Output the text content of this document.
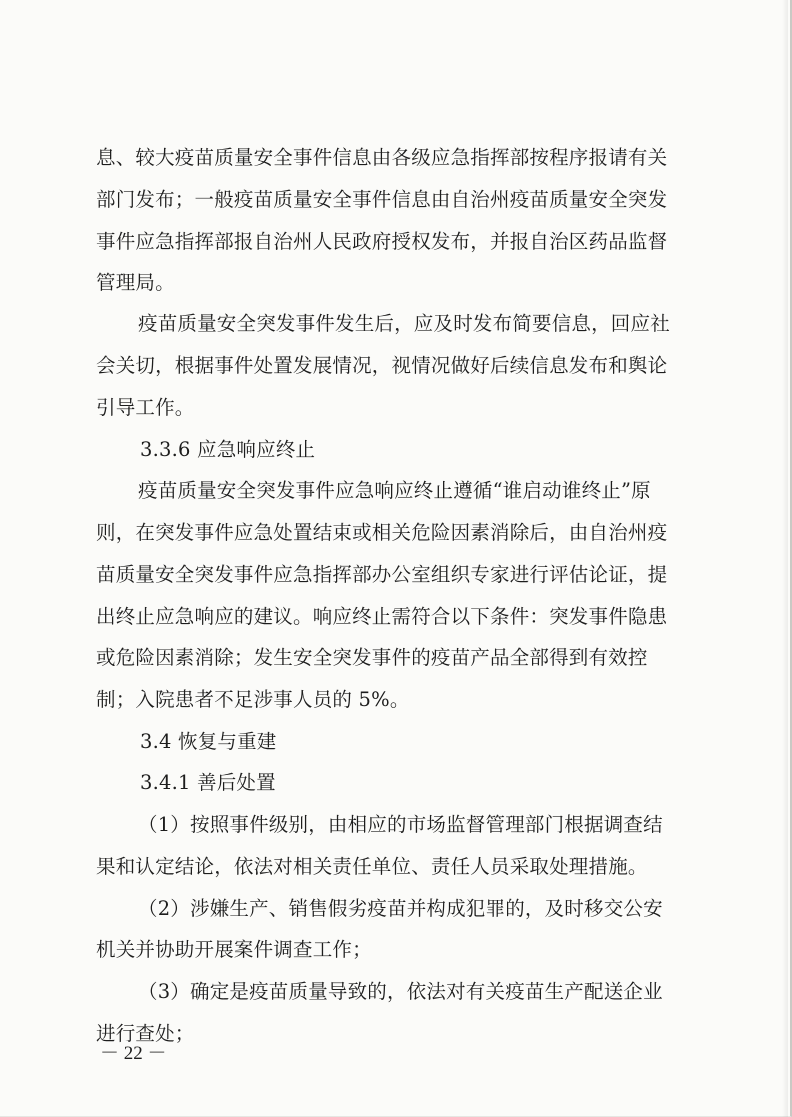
息、较大疫苗质量安全事件信息由各级应急指挥部按程序报请有关
部门发布；一般疫苗质量安全事件信息由自治州疫苗质量安全突发
事件应急指挥部报自治州人民政府授权发布，并报自治区药品监督
管理局。
疫苗质量安全突发事件发生后，应及时发布简要信息，回应社
会关切，根据事件处置发展情况，视情况做好后续信息发布和舆论
引导工作。
3.3.6 应急响应终止
疫苗质量安全突发事件应急响应终止遵循“谁启动谁终止”原
则，在突发事件应急处置结束或相关危险因素消除后，由自治州疫
苗质量安全突发事件应急指挥部办公室组织专家进行评估论证，提
出终止应急响应的建议。响应终止需符合以下条件：突发事件隐患
或危险因素消除；发生安全突发事件的疫苗产品全部得到有效控
制；入院患者不足涉事人员的 5%。
3.4 恢复与重建
3.4.1 善后处置
（1）按照事件级别，由相应的市场监督管理部门根据调查结
果和认定结论，依法对相关责任单位、责任人员采取处理措施。
（2）涉嫌生产、销售假劣疫苗并构成犯罪的，及时移交公安
机关并协助开展案件调查工作；
（3）确定是疫苗质量导致的，依法对有关疫苗生产配送企业
进行查处；
－ 22 －
